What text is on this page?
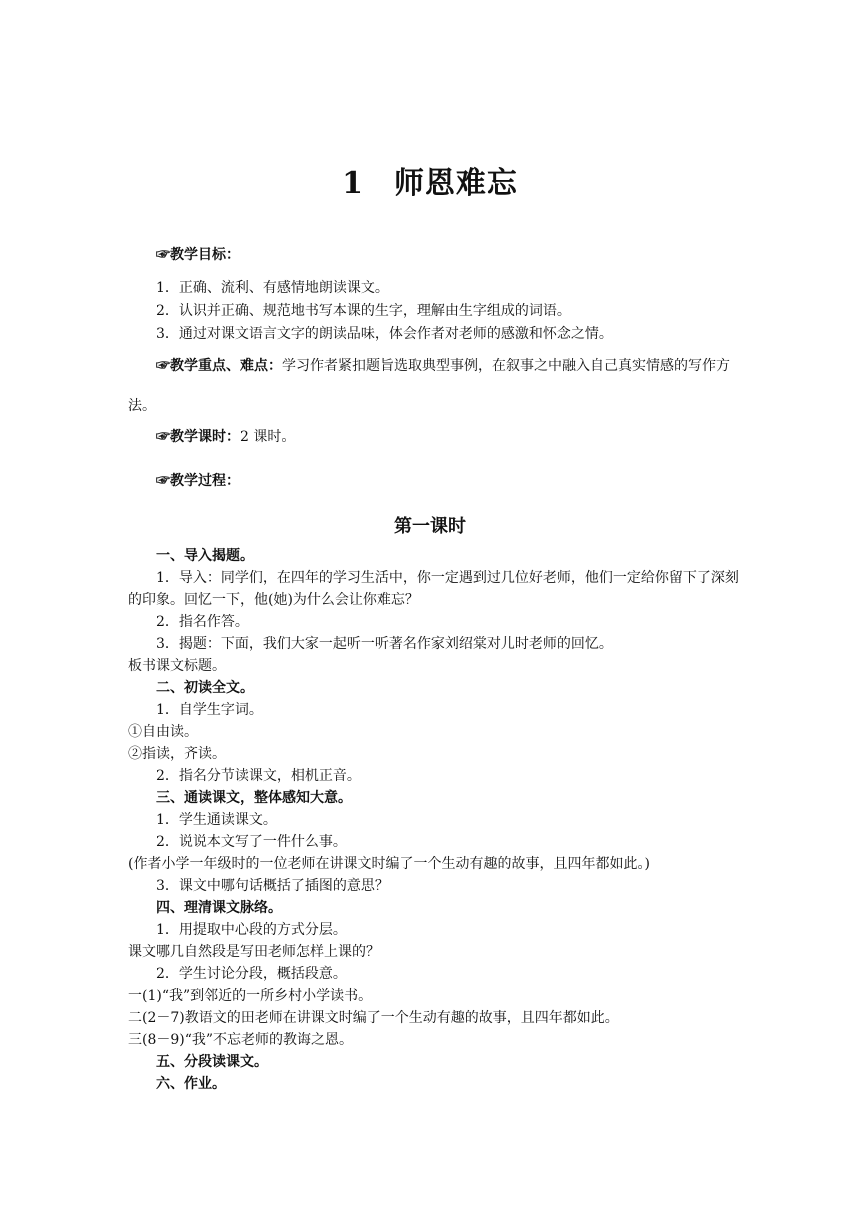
1 师恩难忘
☞教学目标：
1．正确、流利、有感情地朗读课文。
2．认识并正确、规范地书写本课的生字，理解由生字组成的词语。
3．通过对课文语言文字的朗读品味，体会作者对老师的感激和怀念之情。
☞教学重点、难点：学习作者紧扣题旨选取典型事例，在叙事之中融入自己真实情感的写作方法。
☞教学课时：2 课时。
☞教学过程：
第一课时
一、导入揭题。
1．导入：同学们，在四年的学习生活中，你一定遇到过几位好老师，他们一定给你留下了深刻的印象。回忆一下，他(她)为什么会让你难忘？
2．指名作答。
3．揭题：下面，我们大家一起听一听著名作家刘绍棠对儿时老师的回忆。
板书课文标题。
二、初读全文。
1．自学生字词。
①自由读。
②指读，齐读。
2．指名分节读课文，相机正音。
三、通读课文，整体感知大意。
1．学生通读课文。
2．说说本文写了一件什么事。
(作者小学一年级时的一位老师在讲课文时编了一个生动有趣的故事，且四年都如此。)
3．课文中哪句话概括了插图的意思？
四、理清课文脉络。
1．用提取中心段的方式分层。
课文哪几自然段是写田老师怎样上课的？
2．学生讨论分段，概括段意。
一(1)“我”到邻近的一所乡村小学读书。
二(2－7)教语文的田老师在讲课文时编了一个生动有趣的故事，且四年都如此。
三(8－9)“我”不忘老师的教诲之恩。
五、分段读课文。
六、作业。
